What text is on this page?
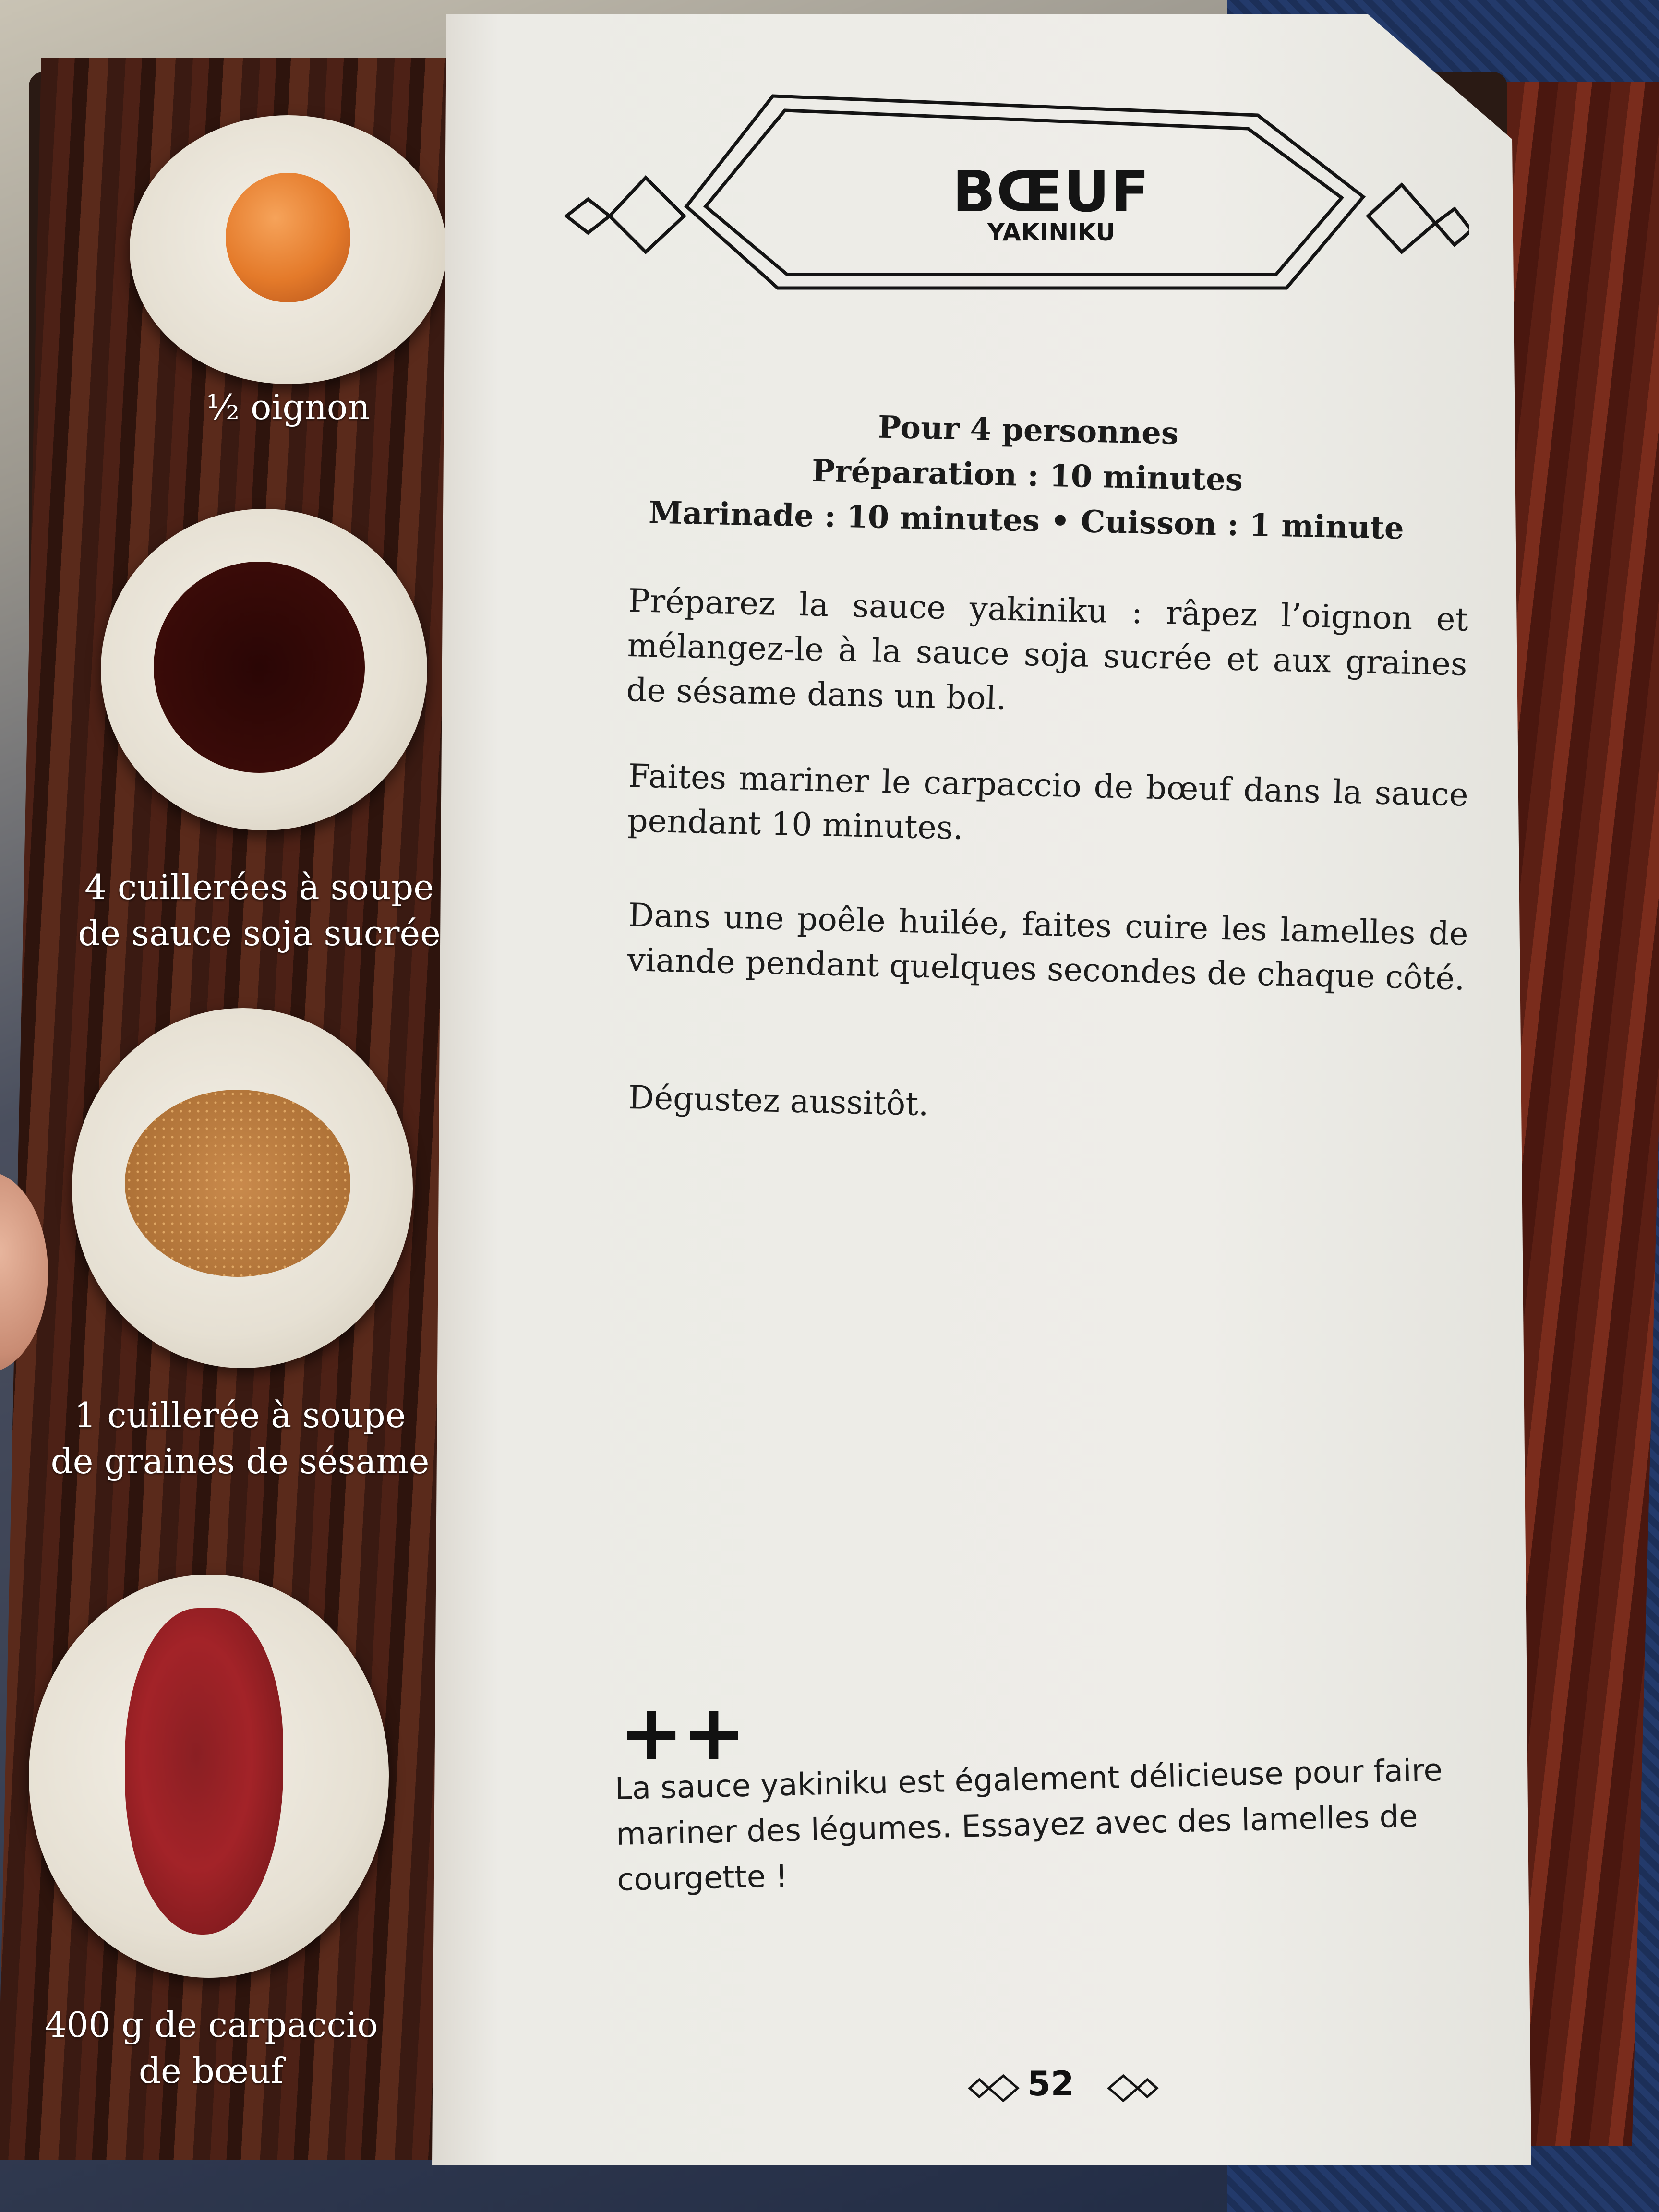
½ oignon
4 cuillerées à soupe
de sauce soja sucrée
1 cuillerée à soupe
de graines de sésame
400 g de carpaccio
de bœuf
BŒUF
YAKINIKU
Pour 4 personnes
Préparation : 10 minutes
Marinade : 10 minutes • Cuisson : 1 minute
Préparez la sauce yakiniku : râpez l’oignon et mélangez-le à la sauce soja sucrée et aux graines de sésame dans un bol.
Faites mariner le carpaccio de bœuf dans la sauce pendant 10 minutes.
Dans une poêle huilée, faites cuire les lamelles de viande pendant quelques secondes de chaque côté.
Dégustez aussitôt.
++
La sauce yakiniku est également délicieuse pour faire mariner des légumes. Essayez avec des lamelles de courgette !
52
